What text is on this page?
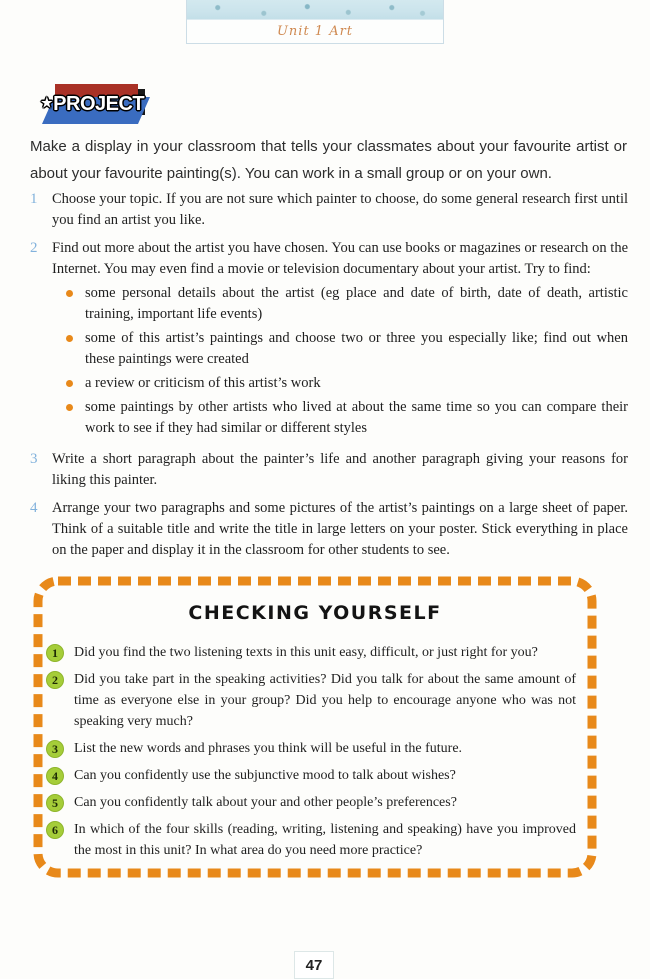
Unit 1 Art
★PROJECT

Make a display in your classroom that tells your classmates about your favourite artist or about your favourite painting(s). You can work in a small group or on your own.

1	Choose your topic. If you are not sure which painter to choose, do some general research first until you find an artist you like.
2	Find out more about the artist you have chosen. You can use books or magazines or research on the Internet. You may even find a movie or television documentary about your artist. Try to find:
some personal details about the artist (eg place and date of birth, date of death, artistic training, important life events)
some of this artist’s paintings and choose two or three you especially like; find out when these paintings were created
a review or criticism of this artist’s work
some paintings by other artists who lived at about the same time so you can compare their work to see if they had similar or different styles
3	Write a short paragraph about the painter’s life and another paragraph giving your reasons for liking this painter.
4	Arrange your two paragraphs and some pictures of the artist’s paintings on a large sheet of paper. Think of a suitable title and write the title in large letters on your poster. Stick everything in place on the paper and display it in the classroom for other students to see.
CHECKING YOURSELF
1	Did you find the two listening texts in this unit easy, difficult, or just right for you?
2	Did you take part in the speaking activities? Did you talk for about the same amount of time as everyone else in your group? Did you help to encourage anyone who was not speaking very much?
3	List the new words and phrases you think will be useful in the future.
4	Can you confidently use the subjunctive mood to talk about wishes?
5	Can you confidently talk about your and other people’s preferences?
6	In which of the four skills (reading, writing, listening and speaking) have you improved the most in this unit? In what area do you need more practice?
47
